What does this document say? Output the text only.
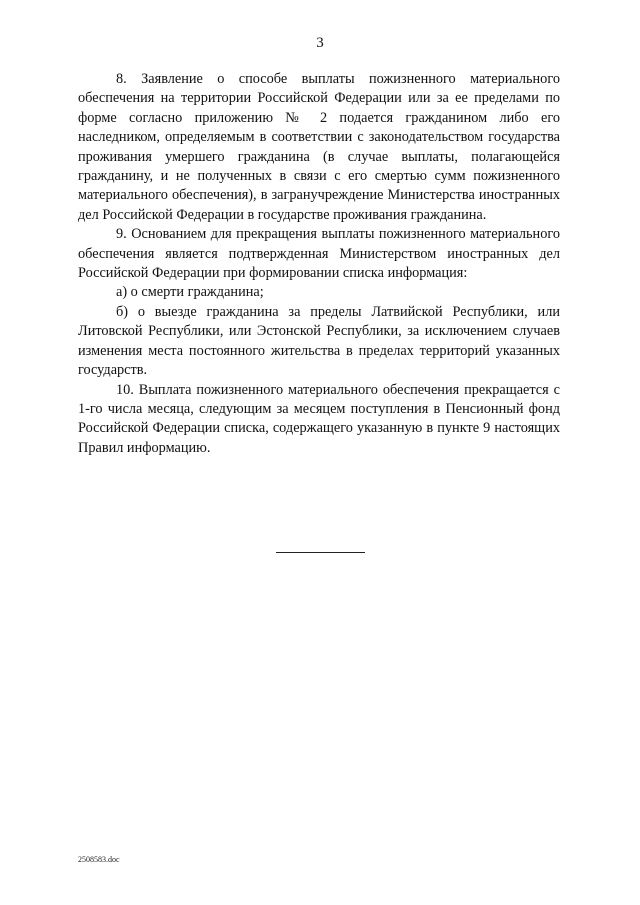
3

8. Заявление о способе выплаты пожизненного материального обеспечения на территории Российской Федерации или за ее пределами по форме согласно приложению № 2 подается гражданином либо его наследником, определяемым в соответствии с законодательством государства проживания умершего гражданина (в случае выплаты, полагающейся гражданину, и не полученных в связи с его смертью сумм пожизненного материального обеспечения), в загранучреждение Министерства иностранных дел Российской Федерации в государстве проживания гражданина.

9. Основанием для прекращения выплаты пожизненного материального обеспечения является подтвержденная Министерством иностранных дел Российской Федерации при формировании списка информация:

а) о смерти гражданина;

б) о выезде гражданина за пределы Латвийской Республики, или Литовской Республики, или Эстонской Республики, за исключением случаев изменения места постоянного жительства в пределах территорий указанных государств.

10. Выплата пожизненного материального обеспечения прекращается с 1-го числа месяца, следующим за месяцем поступления в Пенсионный фонд Российской Федерации списка, содержащего указанную в пункте 9 настоящих Правил информацию.

2508583.doc
